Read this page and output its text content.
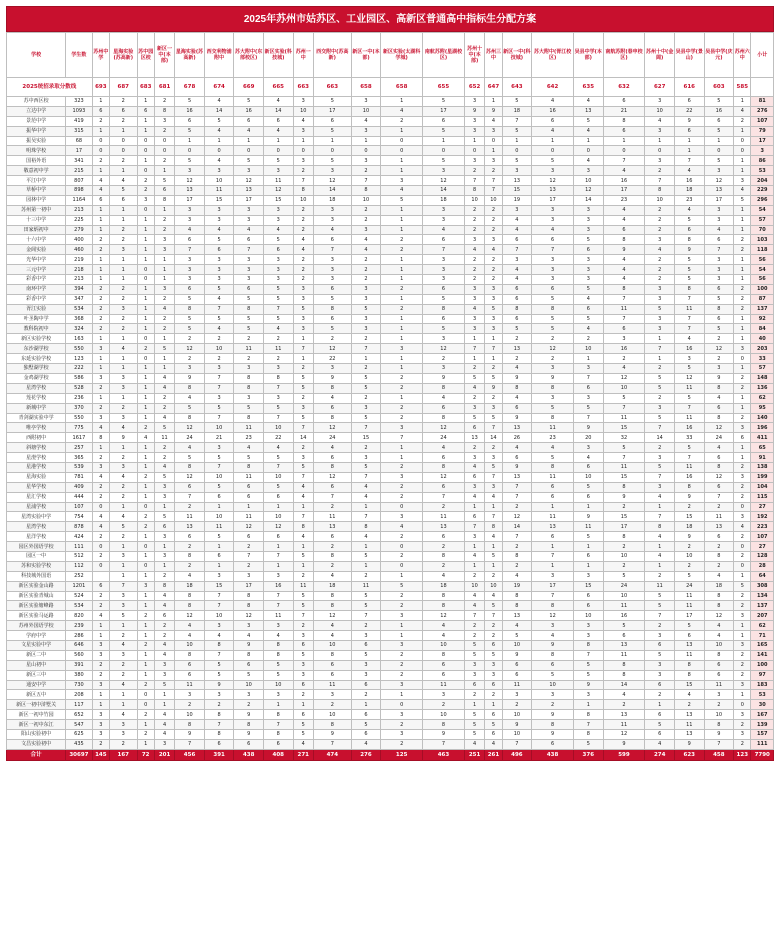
2025年苏州市姑苏区、工业园区、高新区普通高中指标生分配方案
学校	学生数	苏州中学	星海实验(苏高新)	苏中园区校	新区一中(本部)	星海实验(苏高新)	西交利物浦附中	苏大附中(东部校区)	新区实验(科技城)	苏州一中	西交附中(苏高新)	新区一中(本部)	新区实验(太湖科学城)	南航苏附(星湖校区)	苏州十中(本部)	苏州三中	新区一中(科技城)	苏大附中(胥江校区)	吴县中学(本部)	南航苏附(春申校区)	苏州十中(金阊)	吴县中学(景山)	吴县中学(庆元)	苏州六中	小计
2025统招录取分数线		693	687	683	681	678	674	669	665	663	663	658	658	655	652	647	643	642	635	632	627	616	603	585	
苏中西区校	323	1	2	1	2	5	4	5	4	3	5	3	1	5	3	1	5	4	4	6	3	6	5	1	81
立达中学	1093	6	6	6	8	16	14	16	14	10	17	10	4	17	9	9	18	16	13	21	10	22	16	4	276
景范中学	419	2	2	1	3	6	5	6	6	4	6	4	2	6	3	4	7	6	5	8	4	9	6	2	107
振华中学	315	1	1	1	2	5	4	4	4	3	5	3	1	5	3	3	5	4	4	6	3	6	5	1	79
振吴实验	68	0	0	0	0	1	1	1	1	1	1	1	0	1	1	0	1	1	1	1	1	1	1	0	17
明珠学校	17	0	0	0	0	0	0	0	0	0	0	0	0	0	0	1	0	0	0	0	0	1	0	0	3
国裕外语	341	2	2	1	2	5	4	5	5	3	5	3	1	5	3	3	5	5	4	7	3	7	5	1	86
敬意初中学	215	1	1	0	1	3	3	3	3	2	3	2	1	3	2	2	3	3	3	4	2	4	3	1	53
平江中学	807	4	4	2	5	12	10	12	11	7	12	7	3	12	7	7	13	12	10	16	7	16	12	3	204
草桥中学	898	4	5	2	6	13	11	13	12	8	14	8	4	14	8	7	15	13	12	17	8	18	13	4	229
园林中学	1164	6	6	3	8	17	15	17	15	10	18	10	5	18	10	10	19	17	14	23	10	23	17	5	296
苏州第一初中	213	1	1	0	1	3	3	3	3	2	3	2	1	3	2	2	3	3	3	4	2	4	3	1	54
十三中学	225	1	1	1	2	3	3	3	3	2	3	2	1	3	2	2	4	3	3	4	2	5	3	1	57
田家炳初中	279	1	2	1	2	4	4	4	4	2	4	3	1	4	2	2	4	4	3	6	2	6	4	1	70
十六中学	400	2	2	1	3	6	5	6	5	4	6	4	2	6	3	3	6	6	5	8	3	8	6	2	103
金阊实验	460	2	3	1	3	7	6	7	6	4	7	4	2	7	4	4	7	7	6	9	4	9	7	2	118
光华中学	219	1	1	1	1	3	3	3	3	2	3	2	1	3	2	2	3	3	3	4	2	5	3	1	56
三元中学	218	1	1	0	1	3	3	3	3	2	3	2	1	3	2	2	4	3	3	4	2	5	3	1	54
彩香中学	213	1	1	0	1	3	3	3	3	2	3	2	1	3	2	2	4	3	3	4	2	5	3	1	56
南环中学	394	2	2	1	3	6	5	6	5	3	6	3	2	6	3	3	6	6	5	8	3	8	6	2	100
彩香中学	347	2	2	1	2	5	4	5	5	3	5	3	1	5	3	3	6	5	4	7	3	7	5	2	87
胥江实验	534	2	3	1	4	8	7	8	7	5	8	5	2	8	4	5	8	8	6	11	5	11	8	2	137
叶圣陶中学	368	2	2	1	2	5	5	5	5	3	6	3	1	6	3	3	6	5	5	7	3	7	6	1	92
教科院初中	324	2	2	1	2	5	4	5	4	3	5	3	1	5	3	3	5	5	4	6	3	7	5	1	84
新区实验学校	163	1	1	0	1	2	2	2	2	1	2	2	1	3	1	1	2	2	2	3	1	4	2	1	40
东沙湖学校	550	3	4	2	5	12	10	11	11	7	12	7	3	12	7	7	13	12	10	16	7	16	12	3	203
东延实验学校	123	1	1	0	1	2	2	2	2	1	22	1	1	2	1	1	2	2	1	2	1	3	2	0	33
独墅湖学校	222	1	1	1	1	3	3	3	3	2	3	2	1	3	2	2	4	3	3	4	2	5	3	1	57
金鸡湖学校	586	3	3	1	4	9	7	8	8	5	9	5	2	9	5	5	9	9	7	12	5	12	9	2	148
星湾学校	528	2	3	1	4	8	7	8	7	5	8	5	2	8	4	9	8	8	6	10	5	11	8	2	136
莲花学校	236	1	1	1	2	4	3	3	3	2	4	2	1	4	2	2	4	3	3	5	2	5	4	1	62
新城中学	370	2	2	1	2	5	5	5	5	3	6	3	2	6	3	3	6	5	5	7	3	7	6	1	95
青剑湖实验中学	550	3	3	1	4	8	7	8	7	5	8	5	2	8	5	5	9	8	7	11	5	11	8	2	140
唯亭学校	775	4	4	2	5	12	10	11	10	7	12	7	3	12	6	7	13	11	9	15	7	16	12	3	196
西附初中	1617	8	9	4	11	24	21	23	22	14	24	15	7	24	13	14	26	23	20	32	14	33	24	6	411
斜塘学校	257	1	1	1	2	4	3	4	4	2	4	2	1	4	2	2	4	4	3	5	2	5	4	1	65
星澄学校	365	2	2	1	2	5	5	5	5	3	6	3	1	6	3	3	6	5	4	7	3	7	6	1	91
星港学校	539	3	3	1	4	8	7	8	7	5	8	5	2	8	4	5	9	8	6	11	5	11	8	2	138
星海实验	781	4	4	2	5	12	10	11	10	7	12	7	3	12	6	7	13	11	10	15	7	16	12	3	199
星华学校	409	2	2	1	3	6	5	6	5	4	6	4	2	6	3	3	7	6	5	8	3	8	6	2	104
星汇学校	444	2	2	1	3	7	6	6	6	4	7	4	2	7	4	4	7	6	6	9	4	9	7	2	115
星浦学校	107	0	1	0	1	2	1	1	1	1	2	1	0	2	1	1	2	1	1	2	1	2	2	0	27
星湾实验中学	754	4	4	2	5	11	10	11	10	7	11	7	3	11	6	7	12	11	9	15	7	15	11	3	192
星湾学校	878	4	5	2	6	13	11	12	12	8	13	8	4	13	7	8	14	13	11	17	8	18	13	4	223
星洋学校	424	2	2	1	3	6	5	6	6	4	6	4	2	6	3	4	7	6	5	8	4	9	6	2	107
园区外国语学校	111	0	1	0	1	2	1	2	1	1	2	1	0	2	1	1	2	1	1	2	1	2	2	0	27
园区一中	512	2	3	1	3	8	6	7	7	5	8	5	2	8	4	5	8	7	6	10	4	10	8	2	128
苏和实验学校	112	0	1	0	1	2	1	2	1	1	2	1	0	2	1	1	2	1	1	2	1	2	2	0	28
科技城外国语	252		1	1	2	4	3	3	3	2	4	2	1	4	2	2	4	3	3	5	2	5	4	1	64
新区实验金山路	1201	6	7	3	8	18	15	17	16	11	18	11	5	18	10	10	19	17	15	24	11	24	18	5	308
新区实验青城山	524	2	3	1	4	8	7	8	7	5	8	5	2	8	4	4	8	7	6	10	5	11	8	2	134
新区实验塘峰路	534	2	3	1	4	8	7	8	7	5	8	5	2	8	4	5	8	8	6	11	5	11	8	2	137
新区实验马运路	820	4	5	2	6	12	10	12	11	7	12	7	3	12	7	7	13	12	10	16	7	17	12	3	207
苏州外国语学校	239	1	1	1	2	4	3	3	3	2	4	2	1	4	2	2	4	3	3	5	2	5	4	1	62
学府中学	286	1	2	1	2	4	4	4	4	3	4	3	1	4	2	2	5	4	3	6	3	6	4	1	71
文星实验中学	646	3	4	2	4	10	8	9	8	6	10	6	3	10	5	6	10	9	8	13	6	13	10	3	165
新区二中	560	3	3	1	4	8	7	8	8	5	8	5	2	8	5	5	9	8	7	11	5	11	8	2	141
星山初中	391	2	2	1	3	6	5	6	5	3	6	3	2	6	3	3	6	6	5	8	3	8	6	2	100
新区三中	380	2	2	1	3	6	5	5	5	3	6	3	2	6	3	3	6	5	5	8	3	8	6	2	97
通安中学	730	3	4	2	5	11	9	10	10	6	11	6	3	11	6	6	11	10	9	14	6	15	11	3	183
新区五中	208	1	1	0	1	3	3	3	3	2	3	2	1	3	2	2	3	3	3	4	2	4	3	1	53
新区一初中浒墅关	117	1	1	0	1	2	2	2	1	1	2	1	0	2	1	1	2	2	1	2	1	2	2	0	30
新区一初中竹园	652	3	4	2	4	10	8	9	8	6	10	6	3	10	5	6	10	9	8	13	6	13	10	3	167
新区一初中东江	547	3	3	1	4	8	7	8	7	5	8	5	2	8	5	5	9	8	7	11	5	11	8	2	139
阳山实验初中	625	3	3	2	4	9	8	9	8	5	9	6	3	9	5	6	10	9	8	12	6	13	9	3	157
文昌实验初中	435	2	2	1	3	7	6	6	6	4	7	4	2	7	4	4	7	6	5	9	4	9	7	2	111
合计	30697	145	167	72	201	456	391	438	408	271	474	276	125	463	251	261	496	438	376	599	274	623	458	123	7790
